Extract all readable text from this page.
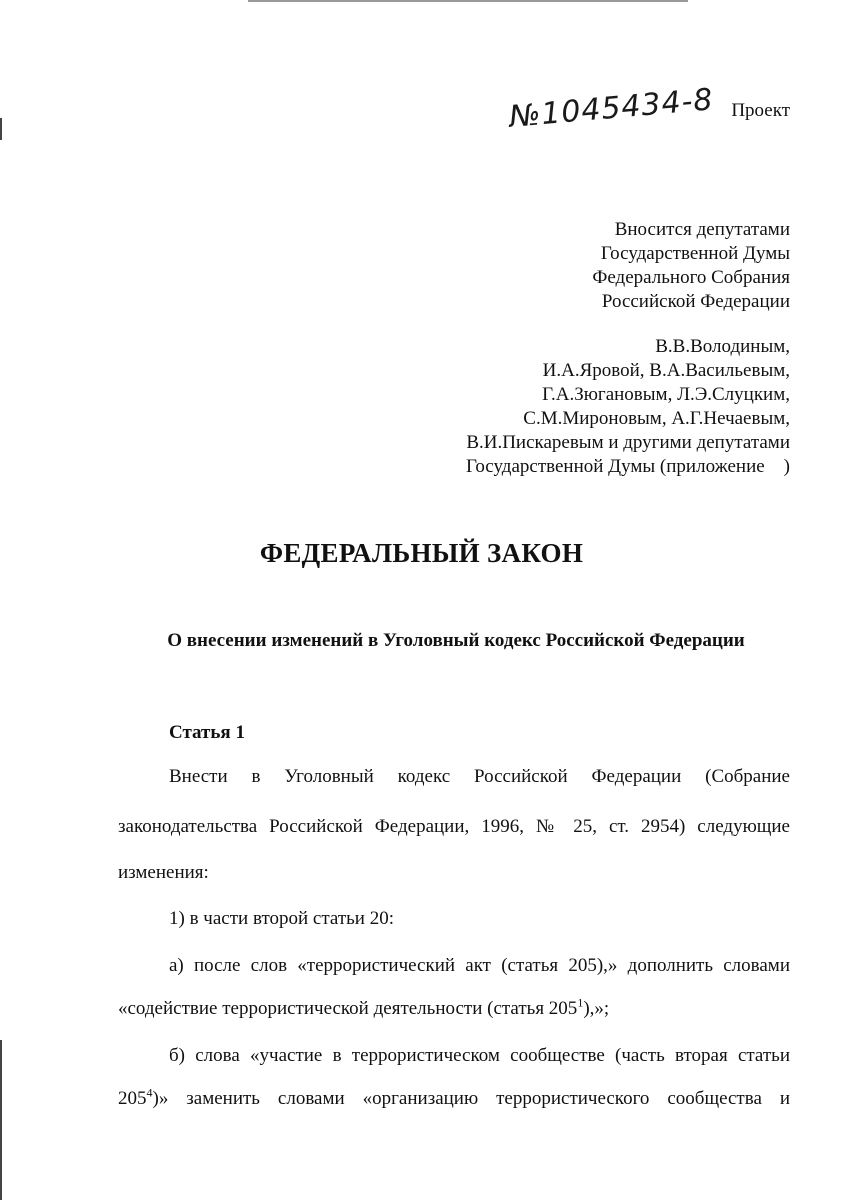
№1045434-8 Проект
Вносится депутатами
Государственной Думы
Федерального Собрания
Российской Федерации
В.В.Володиным,
И.А.Яровой, В.А.Васильевым,
Г.А.Зюгановым, Л.Э.Слуцким,
С.М.Мироновым, А.Г.Нечаевым,
В.И.Пискаревым и другими депутатами
Государственной Думы (приложение    )
ФЕДЕРАЛЬНЫЙ ЗАКОН
О внесении изменений в Уголовный кодекс Российской Федерации
Статья 1
Внести в Уголовный кодекс Российской Федерации (Собрание
законодательства Российской Федерации, 1996, № 25, ст. 2954) следующие
изменения:
1) в части второй статьи 20:
а) после слов «террористический акт (статья 205),» дополнить словами
«содействие террористической деятельности (статья $205^1$),»;
б) слова «участие в террористическом сообществе (часть вторая статьи
$205^4$ )» заменить словами «организацию террористического сообщества и
